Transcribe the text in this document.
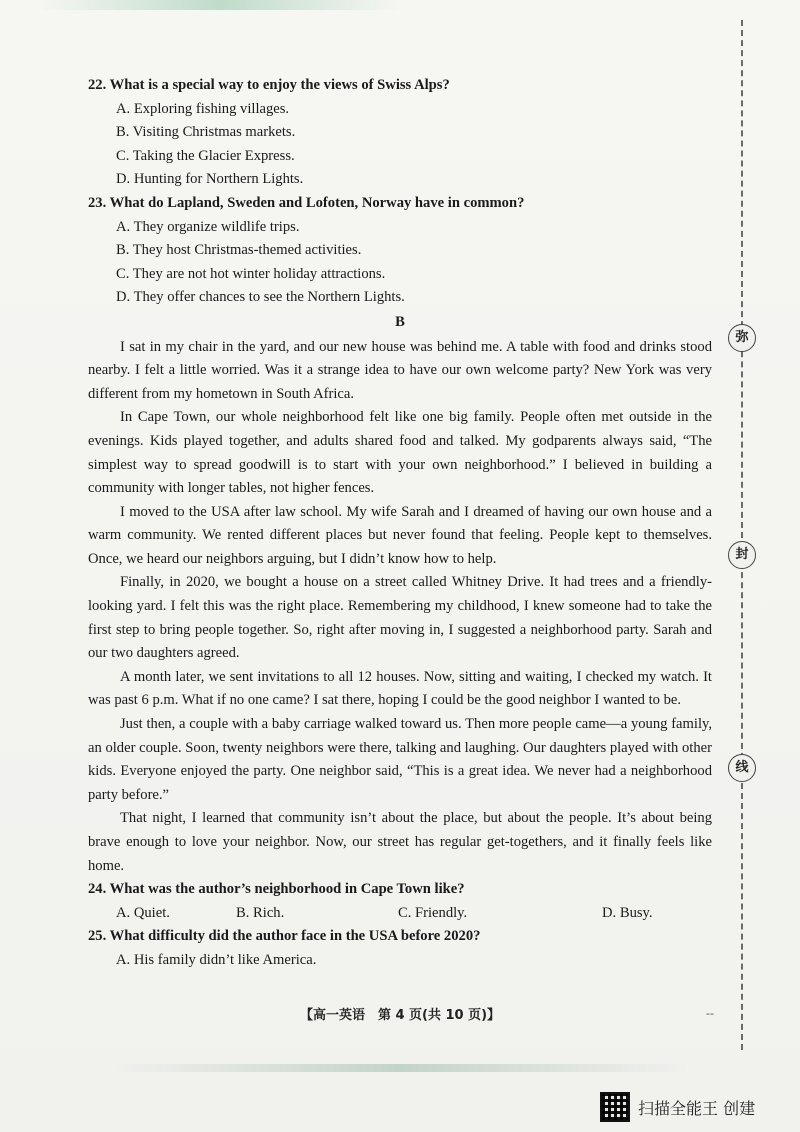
弥
封
线

22. What is a special way to enjoy the views of Swiss Alps?

A. Exploring fishing villages.

B. Visiting Christmas markets.

C. Taking the Glacier Express.

D. Hunting for Northern Lights.

23. What do Lapland, Sweden and Lofoten, Norway have in common?

A. They organize wildlife trips.

B. They host Christmas-themed activities.

C. They are not hot winter holiday attractions.

D. They offer chances to see the Northern Lights.

B

I sat in my chair in the yard, and our new house was behind me. A table with food and drinks stood nearby. I felt a little worried. Was it a strange idea to have our own welcome party? New York was very different from my hometown in South Africa.

In Cape Town, our whole neighborhood felt like one big family. People often met outside in the evenings. Kids played together, and adults shared food and talked. My godparents always said, “The simplest way to spread goodwill is to start with your own neighborhood.” I believed in building a community with longer tables, not higher fences.

I moved to the USA after law school. My wife Sarah and I dreamed of having our own house and a warm community. We rented different places but never found that feeling. People kept to themselves. Once, we heard our neighbors arguing, but I didn’t know how to help.

Finally, in 2020, we bought a house on a street called Whitney Drive. It had trees and a friendly-looking yard. I felt this was the right place. Remembering my childhood, I knew someone had to take the first step to bring people together. So, right after moving in, I suggested a neighborhood party. Sarah and our two daughters agreed.

A month later, we sent invitations to all 12 houses. Now, sitting and waiting, I checked my watch. It was past 6 p.m. What if no one came? I sat there, hoping I could be the good neighbor I wanted to be.

Just then, a couple with a baby carriage walked toward us. Then more people came—a young family, an older couple. Soon, twenty neighbors were there, talking and laughing. Our daughters played with other kids. Everyone enjoyed the party. One neighbor said, “This is a great idea. We never had a neighborhood party before.”

That night, I learned that community isn’t about the place, but about the people. It’s about being brave enough to love your neighbor. Now, our street has regular get-togethers, and it finally feels like home.

24. What was the author’s neighborhood in Cape Town like?

A. Quiet.	B. Rich.	C. Friendly.	D. Busy.

25. What difficulty did the author face in the USA before 2020?

A. His family didn’t like America.

【高一英语　第 4 页(共 10 页)】	--
扫描全能王 创建
